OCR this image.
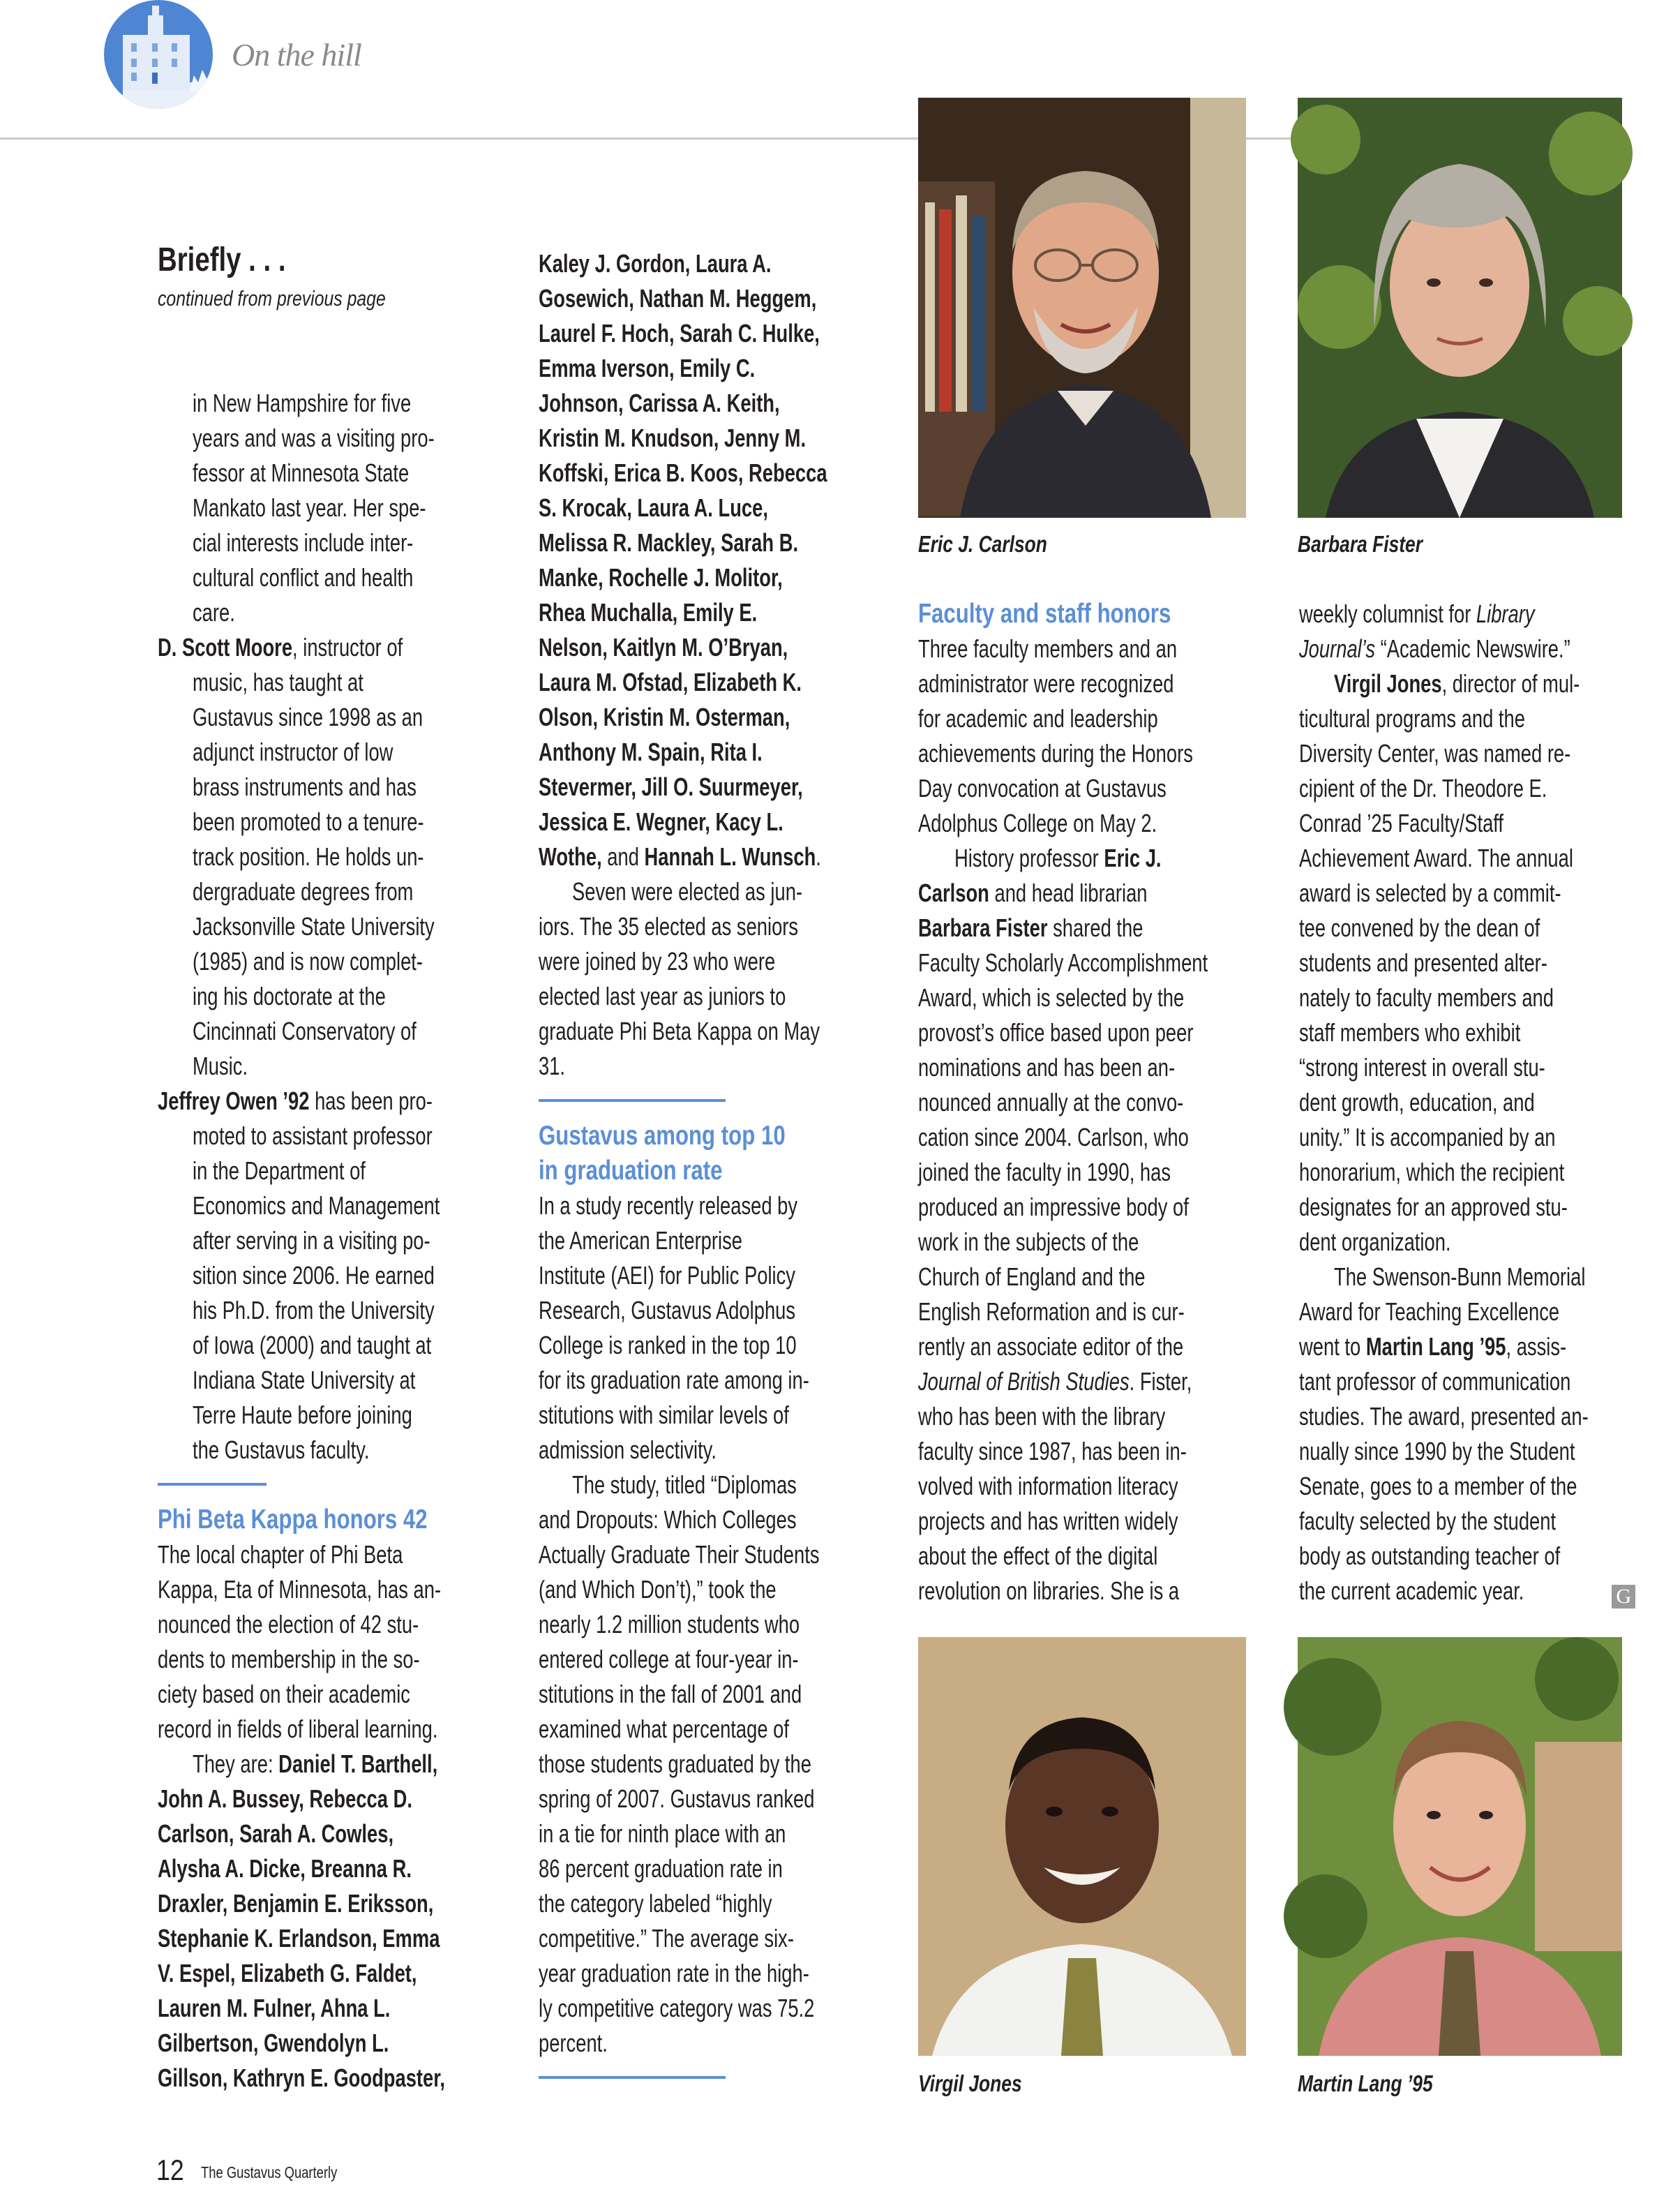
On the hill
Briefly . . .
continued from previous page
in New Hampshire for five
years and was a visiting pro-
fessor at Minnesota State
Mankato last year. Her spe-
cial interests include inter-
cultural conflict and health
care.
D. Scott Moore, instructor of
music, has taught at
Gustavus since 1998 as an
adjunct instructor of low
brass instruments and has
been promoted to a tenure-
track position. He holds un-
dergraduate degrees from
Jacksonville State University
(1985) and is now complet-
ing his doctorate at the
Cincinnati Conservatory of
Music.
Jeffrey Owen ’92 has been pro-
moted to assistant professor
in the Department of
Economics and Management
after serving in a visiting po-
sition since 2006. He earned
his Ph.D. from the University
of Iowa (2000) and taught at
Indiana State University at
Terre Haute before joining
the Gustavus faculty.
Phi Beta Kappa honors 42
The local chapter of Phi Beta
Kappa, Eta of Minnesota, has an-
nounced the election of 42 stu-
dents to membership in the so-
ciety based on their academic
record in fields of liberal learning.
They are: Daniel T. Barthell,
John A. Bussey, Rebecca D.
Carlson, Sarah A. Cowles,
Alysha A. Dicke, Breanna R.
Draxler, Benjamin E. Eriksson,
Stephanie K. Erlandson, Emma
V. Espel, Elizabeth G. Faldet,
Lauren M. Fulner, Ahna L.
Gilbertson, Gwendolyn L.
Gillson, Kathryn E. Goodpaster,
Kaley J. Gordon, Laura A.
Gosewich, Nathan M. Heggem,
Laurel F. Hoch, Sarah C. Hulke,
Emma Iverson, Emily C.
Johnson, Carissa A. Keith,
Kristin M. Knudson, Jenny M.
Koffski, Erica B. Koos, Rebecca
S. Krocak, Laura A. Luce,
Melissa R. Mackley, Sarah B.
Manke, Rochelle J. Molitor,
Rhea Muchalla, Emily E.
Nelson, Kaitlyn M. O’Bryan,
Laura M. Ofstad, Elizabeth K.
Olson, Kristin M. Osterman,
Anthony M. Spain, Rita I.
Stevermer, Jill O. Suurmeyer,
Jessica E. Wegner, Kacy L.
Wothe, and Hannah L. Wunsch.
Seven were elected as jun-
iors. The 35 elected as seniors
were joined by 23 who were
elected last year as juniors to
graduate Phi Beta Kappa on May
31.
Gustavus among top 10
in graduation rate
In a study recently released by
the American Enterprise
Institute (AEI) for Public Policy
Research, Gustavus Adolphus
College is ranked in the top 10
for its graduation rate among in-
stitutions with similar levels of
admission selectivity.
The study, titled “Diplomas
and Dropouts: Which Colleges
Actually Graduate Their Students
(and Which Don’t),” took the
nearly 1.2 million students who
entered college at four-year in-
stitutions in the fall of 2001 and
examined what percentage of
those students graduated by the
spring of 2007. Gustavus ranked
in a tie for ninth place with an
86 percent graduation rate in
the category labeled “highly
competitive.” The average six-
year graduation rate in the high-
ly competitive category was 75.2
percent.
Faculty and staff honors
Three faculty members and an
administrator were recognized
for academic and leadership
achievements during the Honors
Day convocation at Gustavus
Adolphus College on May 2.
History professor Eric J.
Carlson and head librarian
Barbara Fister shared the
Faculty Scholarly Accomplishment
Award, which is selected by the
provost’s office based upon peer
nominations and has been an-
nounced annually at the convo-
cation since 2004. Carlson, who
joined the faculty in 1990, has
produced an impressive body of
work in the subjects of the
Church of England and the
English Reformation and is cur-
rently an associate editor of the
Journal of British Studies. Fister,
who has been with the library
faculty since 1987, has been in-
volved with information literacy
projects and has written widely
about the effect of the digital
revolution on libraries. She is a
weekly columnist for Library
Journal’s “Academic Newswire.”
Virgil Jones, director of mul-
ticultural programs and the
Diversity Center, was named re-
cipient of the Dr. Theodore E.
Conrad ’25 Faculty/Staff
Achievement Award. The annual
award is selected by a commit-
tee convened by the dean of
students and presented alter-
nately to faculty members and
staff members who exhibit
“strong interest in overall stu-
dent growth, education, and
unity.” It is accompanied by an
honorarium, which the recipient
designates for an approved stu-
dent organization.
The Swenson-Bunn Memorial
Award for Teaching Excellence
went to Martin Lang ’95, assis-
tant professor of communication
studies. The award, presented an-
nually since 1990 by the Student
Senate, goes to a member of the
faculty selected by the student
body as outstanding teacher of
the current academic year.	G
Eric J. Carlson	Barbara Fister
Virgil Jones	Martin Lang ’95
12 The Gustavus Quarterly
